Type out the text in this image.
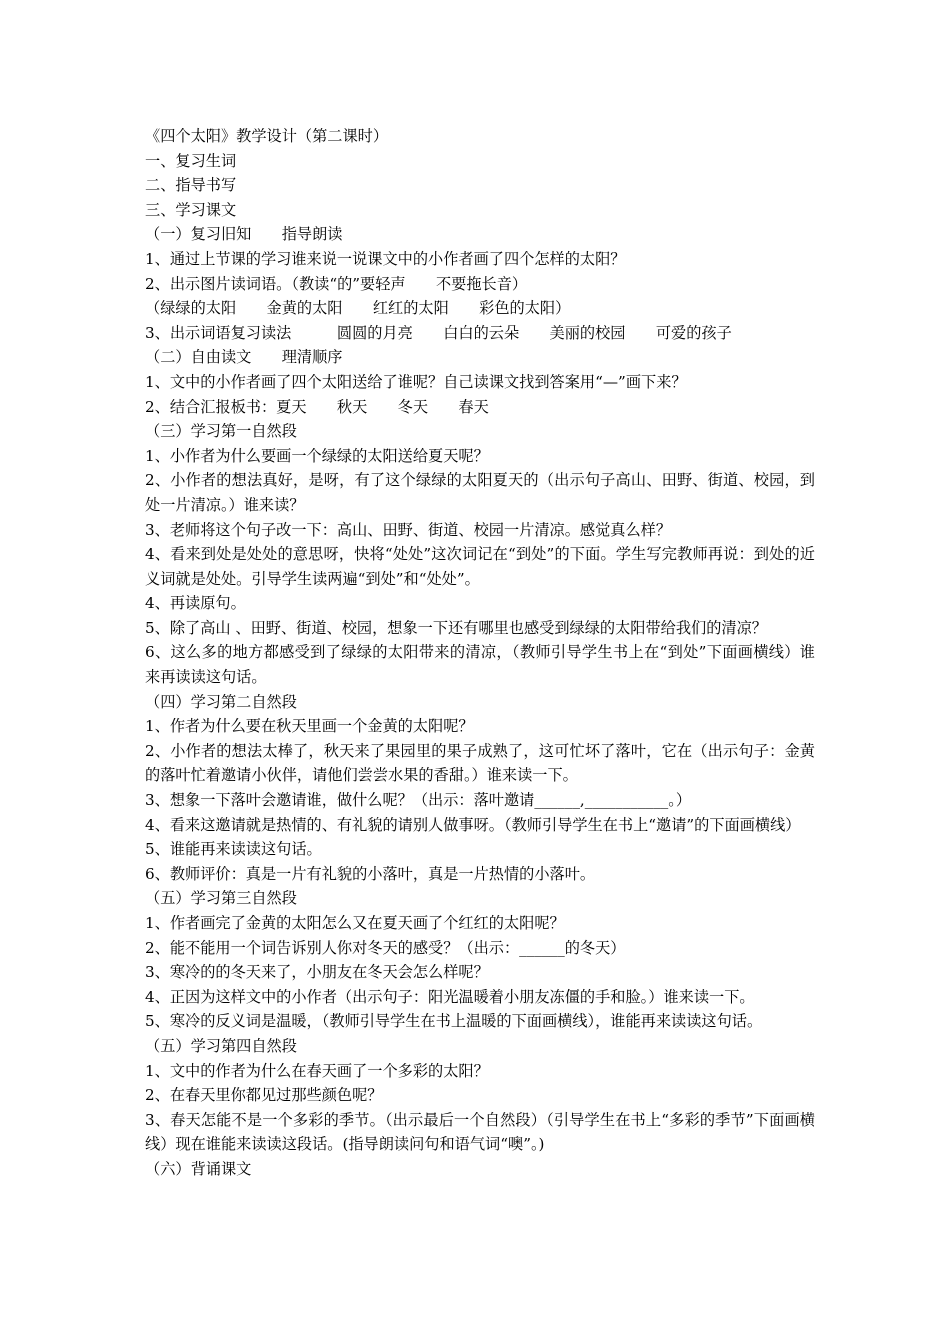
《四个太阳》教学设计（第二课时）

一、复习生词

二、指导书写

三、学习课文

（一）复习旧知　　指导朗读

1、通过上节课的学习谁来说一说课文中的小作者画了四个怎样的太阳？

2、出示图片读词语。（教读“的”要轻声　　不要拖长音）

（绿绿的太阳　　金黄的太阳　　红红的太阳　　彩色的太阳）

3、出示词语复习读法　　　圆圆的月亮　　白白的云朵　　美丽的校园　　可爱的孩子

（二）自由读文　　理清顺序

1、文中的小作者画了四个太阳送给了谁呢？自己读课文找到答案用“—”画下来？

2、结合汇报板书：夏天　　秋天　　冬天　　春天

（三）学习第一自然段

1、小作者为什么要画一个绿绿的太阳送给夏天呢？

2、小作者的想法真好，是呀，有了这个绿绿的太阳夏天的（出示句子高山、田野、街道、校园，到处一片清凉。）谁来读？

3、老师将这个句子改一下：高山、田野、街道、校园一片清凉。感觉真么样？

4、看来到处是处处的意思呀，快将“处处”这次词记在“到处”的下面。学生写完教师再说：到处的近义词就是处处。引导学生读两遍“到处”和“处处”。

4、再读原句。

5、除了高山 、田野、街道、校园，想象一下还有哪里也感受到绿绿的太阳带给我们的清凉？

6、这么多的地方都感受到了绿绿的太阳带来的清凉，（教师引导学生书上在“到处”下面画横线）谁来再读读这句话。

（四）学习第二自然段

1、作者为什么要在秋天里画一个金黄的太阳呢？

2、小作者的想法太棒了，秋天来了果园里的果子成熟了，这可忙坏了落叶，它在（出示句子：金黄的落叶忙着邀请小伙伴，请他们尝尝水果的香甜。）谁来读一下。

3、想象一下落叶会邀请谁，做什么呢？（出示：落叶邀请______,___________。）

4、看来这邀请就是热情的、有礼貌的请别人做事呀。（教师引导学生在书上“邀请”的下面画横线）

5、谁能再来读读这句话。

6、教师评价：真是一片有礼貌的小落叶，真是一片热情的小落叶。

（五）学习第三自然段

1、作者画完了金黄的太阳怎么又在夏天画了个红红的太阳呢？

2、能不能用一个词告诉别人你对冬天的感受？（出示：______的冬天）

3、寒冷的的冬天来了，小朋友在冬天会怎么样呢？

4、正因为这样文中的小作者（出示句子：阳光温暖着小朋友冻僵的手和脸。）谁来读一下。

5、寒冷的反义词是温暖，（教师引导学生在书上温暖的下面画横线），谁能再来读读这句话。

（五）学习第四自然段

1、文中的作者为什么在春天画了一个多彩的太阳？

2、在春天里你都见过那些颜色呢？

3、春天怎能不是一个多彩的季节。（出示最后一个自然段）（引导学生在书上“多彩的季节”下面画横线）现在谁能来读读这段话。(指导朗读问句和语气词“噢”。)

（六）背诵课文
